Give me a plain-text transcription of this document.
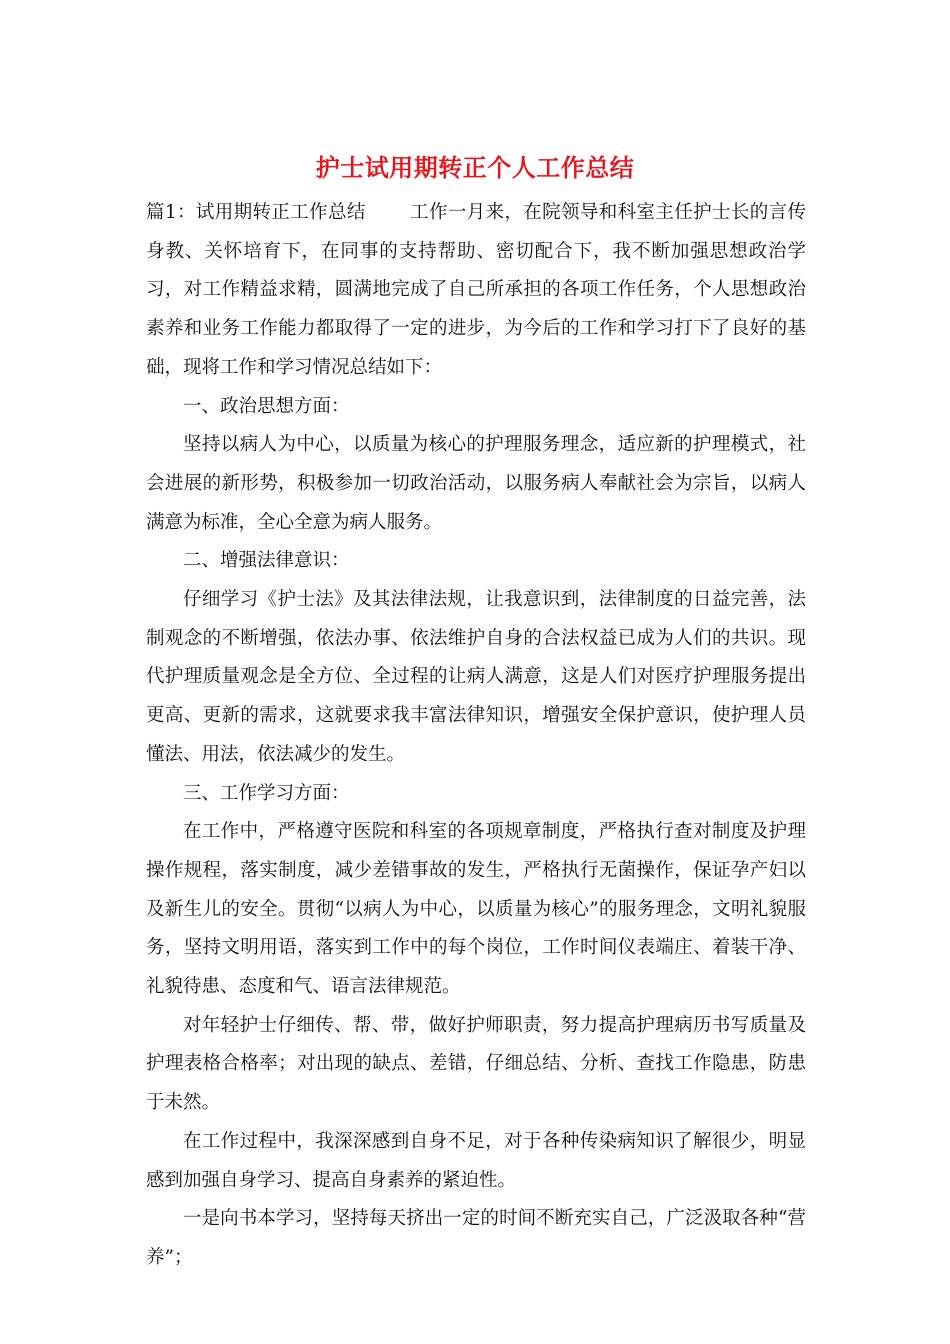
护士试用期转正个人工作总结

篇1：试用期转正工作总结 工作一月来，在院领导和科室主任护士长的言传身教、关怀培育下，在同事的支持帮助、密切配合下，我不断加强思想政治学习，对工作精益求精，圆满地完成了自己所承担的各项工作任务，个人思想政治素养和业务工作能力都取得了一定的进步，为今后的工作和学习打下了良好的基础，现将工作和学习情况总结如下：

一、政治思想方面：

坚持以病人为中心，以质量为核心的护理服务理念，适应新的护理模式，社会进展的新形势，积极参加一切政治活动，以服务病人奉献社会为宗旨，以病人满意为标准，全心全意为病人服务。

二、增强法律意识：

仔细学习《护士法》及其法律法规，让我意识到，法律制度的日益完善，法制观念的不断增强，依法办事、依法维护自身的合法权益已成为人们的共识。现代护理质量观念是全方位、全过程的让病人满意，这是人们对医疗护理服务提出更高、更新的需求，这就要求我丰富法律知识，增强安全保护意识，使护理人员懂法、用法，依法减少的发生。

三、工作学习方面：

在工作中，严格遵守医院和科室的各项规章制度，严格执行查对制度及护理操作规程，落实制度，减少差错事故的发生，严格执行无菌操作，保证孕产妇以及新生儿的安全。贯彻“以病人为中心，以质量为核心”的服务理念，文明礼貌服务，坚持文明用语，落实到工作中的每个岗位，工作时间仪表端庄、着装干净、礼貌待患、态度和气、语言法律规范。

对年轻护士仔细传、帮、带，做好护师职责，努力提高护理病历书写质量及护理表格合格率；对出现的缺点、差错，仔细总结、分析、查找工作隐患，防患于未然。

在工作过程中，我深深感到自身不足，对于各种传染病知识了解很少，明显感到加强自身学习、提高自身素养的紧迫性。

一是向书本学习，坚持每天挤出一定的时间不断充实自己，广泛汲取各种“营养”；
